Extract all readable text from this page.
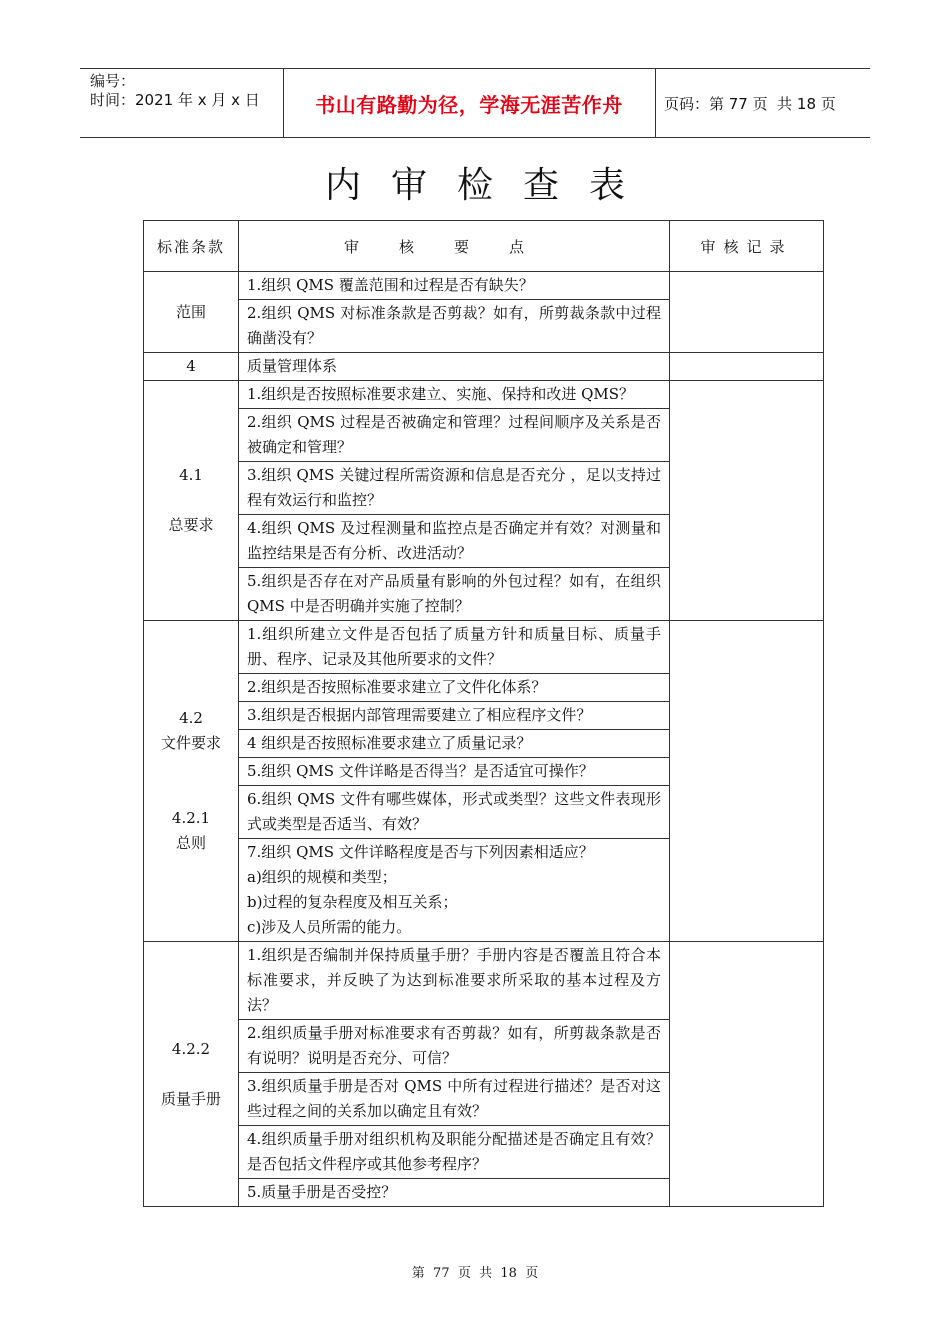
编号：
时间：2021 年 x 月 x 日	书山有路勤为径，学海无涯苦作舟	页码：第 77 页  共 18 页
内审检查表
标准条款	审核要点	审核记录
范围	1.组织 QMS 覆盖范围和过程是否有缺失？	
	2.组织 QMS 对标准条款是否剪裁？如有，所剪裁条款中过程确凿没有？	
4	质量管理体系	

4.1
总要求	1.组织是否按照标准要求建立、实施、保持和改进 QMS？	
	2.组织 QMS 过程是否被确定和管理？过程间顺序及关系是否被确定和管理？	
	3.组织 QMS 关键过程所需资源和信息是否充分 ，足以支持过程有效运行和监控？	
	4.组织 QMS 及过程测量和监控点是否确定并有效？对测量和监控结果是否有分析、改进活动？	
	5.组织是否存在对产品质量有影响的外包过程？如有，在组织 QMS 中是否明确并实施了控制？	

4.2
文件要求
4.2.1
总则	1.组织所建立文件是否包括了质量方针和质量目标、质量手册、程序、记录及其他所要求的文件？	
	2.组织是否按照标准要求建立了文件化体系？	
	3.组织是否根据内部管理需要建立了相应程序文件？	
	4 组织是否按照标准要求建立了质量记录？	
	5.组织 QMS 文件详略是否得当？是否适宜可操作？	
	6.组织 QMS 文件有哪些媒体，形式或类型？这些文件表现形式或类型是否适当、有效？	

	7.组织 QMS 文件详略程度是否与下列因素相适应？
a)组织的规模和类型；
b)过程的复杂程度及相互关系；
c)涉及人员所需的能力。	

4.2.2
质量手册	1.组织是否编制并保持质量手册？手册内容是否覆盖且符合本标准要求，并反映了为达到标准要求所采取的基本过程及方法？	
	2.组织质量手册对标准要求有否剪裁？如有，所剪裁条款是否有说明？说明是否充分、可信？	
	3.组织质量手册是否对 QMS 中所有过程进行描述？是否对这些过程之间的关系加以确定且有效？	
	4.组织质量手册对组织机构及职能分配描述是否确定且有效？是否包括文件程序或其他参考程序？	
	5.质量手册是否受控？	
第  77  页  共  18  页
